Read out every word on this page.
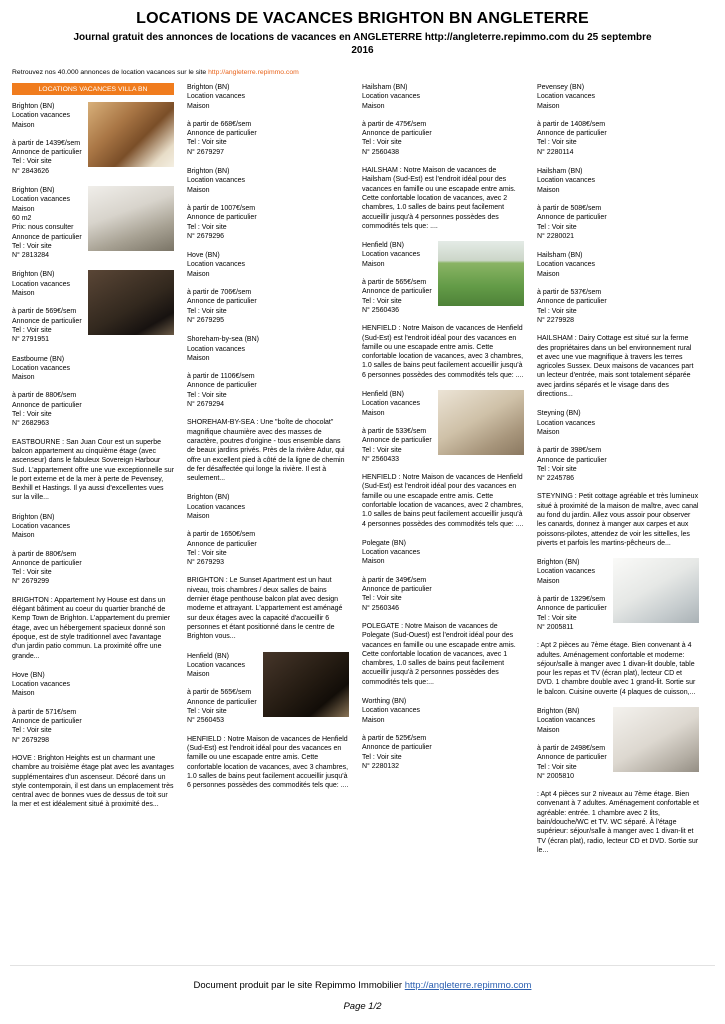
LOCATIONS DE VACANCES BRIGHTON BN ANGLETERRE
Journal gratuit des annonces de locations de vacances en ANGLETERRE http://angleterre.repimmo.com du 25 septembre 2016
Retrouvez nos 40.000 annonces de location vacances sur le site http://angleterre.repimmo.com
LOCATIONS VACANCES VILLA BN
Brighton (BN)
Location vacances
Maison
à partir de 1439€/sem
Annonce de particulier
Tel : Voir site
N° 2843626
Brighton (BN)
Location vacances
Maison
60 m2
Prix: nous consulter
Annonce de particulier
Tel : Voir site
N° 2813284
Brighton (BN)
Location vacances
Maison
à partir de 569€/sem
Annonce de particulier
Tel : Voir site
N° 2791951
Eastbourne (BN)
Location vacances
Maison
à partir de 880€/sem
Annonce de particulier
Tel : Voir site
N° 2682963
EASTBOURNE : San Juan Cour est un superbe balcon appartement au cinquième étage (avec ascenseur) dans le fabuleux Sovereign Harbour Sud. L'appartement offre une vue exceptionnelle sur le port externe et de la mer à perte de Pevensey, Bexhill et Hastings. Il ya aussi d'excellentes vues sur la ville...
Brighton (BN)
Location vacances
Maison
à partir de 880€/sem
Annonce de particulier
Tel : Voir site
N° 2679299
BRIGHTON : Appartement Ivy House est dans un élégant bâtiment au coeur du quartier branché de Kemp Town de Brighton. L'appartement du premier étage, avec un hébergement spacieux donné son époque, est de style traditionnel avec l'avantage d'un jardin patio commun. La proximité offre une grande...
Hove (BN)
Location vacances
Maison
à partir de 571€/sem
Annonce de particulier
Tel : Voir site
N° 2679298
HOVE : Brighton Heights est un charmant une chambre au troisième étage plat avec les avantages supplémentaires d'un ascenseur. Décoré dans un style contemporain, il est dans un emplacement très central avec de bonnes vues de dessus de toit sur la mer et est idéalement situé à proximité des...
Brighton (BN)
Location vacances
Maison
à partir de 668€/sem
Annonce de particulier
Tel : Voir site
N° 2679297
Brighton (BN)
Location vacances
Maison
à partir de 1007€/sem
Annonce de particulier
Tel : Voir site
N° 2679296
Hove (BN)
Location vacances
Maison
à partir de 706€/sem
Annonce de particulier
Tel : Voir site
N° 2679295
Shoreham-by-sea (BN)
Location vacances
Maison
à partir de 1106€/sem
Annonce de particulier
Tel : Voir site
N° 2679294
SHOREHAM-BY-SEA : Une "boîte de chocolat" magnifique chaumière avec des masses de caractère, poutres d'origine - tous ensemble dans de beaux jardins privés. Près de la rivière Adur, qui offre un excellent pied à côté de la ligne de chemin de fer désaffectée qui longe la rivière. Il est à seulement...
Brighton (BN)
Location vacances
Maison
à partir de 1650€/sem
Annonce de particulier
Tel : Voir site
N° 2679293
BRIGHTON : Le Sunset Apartment est un haut niveau, trois chambres / deux salles de bains dernier étage penthouse balcon plat avec design moderne et attrayant. L'appartement est aménagé sur deux étages avec la capacité d'accueillir 6 personnes et étant positionné dans le centre de Brighton vous...
Henfield (BN)
Location vacances
Maison
à partir de 565€/sem
Annonce de particulier
Tel : Voir site
N° 2560453
HENFIELD : Notre Maison de vacances de Henfield (Sud-Est) est l'endroit idéal pour des vacances en famille ou une escapade entre amis. Cette confortable location de vacances, avec 3 chambres, 1.0 salles de bains peut facilement accueillir jusqu'à 6 personnes possèdes des commodités tels que: ....
Hailsham (BN)
Location vacances
Maison
à partir de 475€/sem
Annonce de particulier
Tel : Voir site
N° 2560438
HAILSHAM : Notre Maison de vacances de Hailsham (Sud-Est) est l'endroit idéal pour des vacances en famille ou une escapade entre amis. Cette confortable location de vacances, avec 2 chambres, 1.0 salles de bains peut facilement accueillir jusqu'à 4 personnes possèdes des commodités tels que: ....
Henfield (BN)
Location vacances
Maison
à partir de 565€/sem
Annonce de particulier
Tel : Voir site
N° 2560436
HENFIELD : Notre Maison de vacances de Henfield (Sud-Est) est l'endroit idéal pour des vacances en famille ou une escapade entre amis. Cette confortable location de vacances, avec 3 chambres, 1.0 salles de bains peut facilement accueillir jusqu'à 6 personnes possèdes des commodités tels que: ....
Henfield (BN)
Location vacances
Maison
à partir de 533€/sem
Annonce de particulier
Tel : Voir site
N° 2560433
HENFIELD : Notre Maison de vacances de Henfield (Sud-Est) est l'endroit idéal pour des vacances en famille ou une escapade entre amis. Cette confortable location de vacances, avec 2 chambres, 1.0 salles de bains peut facilement accueillir jusqu'à 4 personnes possèdes des commodités tels que: ....
Polegate (BN)
Location vacances
Maison
à partir de 349€/sem
Annonce de particulier
Tel : Voir site
N° 2560346
POLEGATE : Notre Maison de vacances de Polegate (Sud-Ouest) est l'endroit idéal pour des vacances en famille ou une escapade entre amis. Cette confortable location de vacances, avec 1 chambres, 1.0 salles de bains peut facilement accueillir jusqu'à 2 personnes possèdes des commodités tels que:...
Worthing (BN)
Location vacances
Maison
à partir de 525€/sem
Annonce de particulier
Tel : Voir site
N° 2280132
Pevensey (BN)
Location vacances
Maison
à partir de 1408€/sem
Annonce de particulier
Tel : Voir site
N° 2280114
Hailsham (BN)
Location vacances
Maison
à partir de 508€/sem
Annonce de particulier
Tel : Voir site
N° 2280021
Hailsham (BN)
Location vacances
Maison
à partir de 537€/sem
Annonce de particulier
Tel : Voir site
N° 2279928
HAILSHAM : Dairy Cottage est situé sur la ferme des propriétaires dans un bel environnement rural et avec une vue magnifique à travers les terres agricoles Sussex. Deux maisons de vacances part un lecteur d'entrée, mais sont totalement séparée avec jardins séparés et le visage dans des directions...
Steyning (BN)
Location vacances
Maison
à partir de 398€/sem
Annonce de particulier
Tel : Voir site
N° 2245786
STEYNING : Petit cottage agréable et très lumineux situé à proximité de la maison de maître, avec canal au fond du jardin. Allez vous assoir pour observer les canards, donnez à manger aux carpes et aux poissons-pilotes, attendez de voir les sittelles, les piverts et parfois les martins-pêcheurs de...
Brighton (BN)
Location vacances
Maison
à partir de 1329€/sem
Annonce de particulier
Tel : Voir site
N° 2005811
: Apt 2 pièces au 7ème étage. Bien convenant à 4 adultes. Aménagement confortable et moderne: séjour/salle à manger avec 1 divan-lit double, table pour les repas et TV (écran plat), lecteur CD et DVD. 1 chambre double avec 1 grand-lit. Sortie sur le balcon. Cuisine ouverte (4 plaques de cuisson,...
Brighton (BN)
Location vacances
Maison
à partir de 2498€/sem
Annonce de particulier
Tel : Voir site
N° 2005810
: Apt 4 pièces sur 2 niveaux au 7ème étage. Bien convenant à 7 adultes. Aménagement confortable et agréable: entrée. 1 chambre avec 2 lits, bain/douche/WC et TV. WC séparé. À l'étage supérieur: séjour/salle à manger avec 1 divan-lit et TV (écran plat), radio, lecteur CD et DVD. Sortie sur le...
Document produit par le site Repimmo Immobilier http://angleterre.repimmo.com
Page 1/2
